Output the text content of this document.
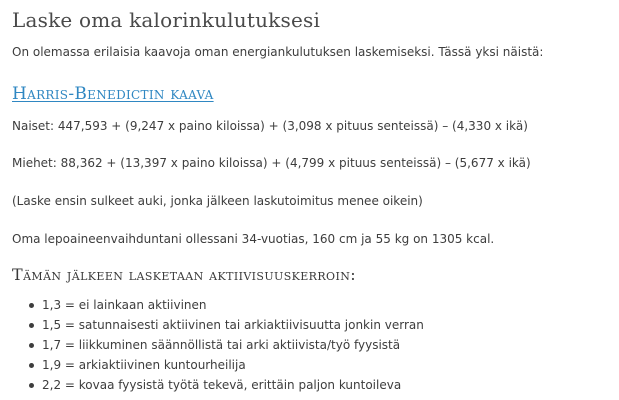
Laske oma kalorinkulutuksesi

On olemassa erilaisia kaavoja oman energiankulutuksen laskemiseksi. Tässä yksi näistä:

Harris-Benedictin kaava

Naiset: 447,593 + (9,247 x paino kiloissa) + (3,098 x pituus senteissä) – (4,330 x ikä)

Miehet: 88,362 + (13,397 x paino kiloissa) + (4,799 x pituus senteissä) – (5,677 x ikä)

(Laske ensin sulkeet auki, jonka jälkeen laskutoimitus menee oikein)

Oma lepoaineenvaihduntani ollessani 34-vuotias, 160 cm ja 55 kg on 1305 kcal.

Tämän jälkeen lasketaan aktiivisuuskerroin:
1,3 = ei lainkaan aktiivinen
1,5 = satunnaisesti aktiivinen tai arkiaktiivisuutta jonkin verran
1,7 = liikkuminen säännöllistä tai arki aktiivista/työ fyysistä
1,9 = arkiaktiivinen kuntourheilija
2,2 = kovaa fyysistä työtä tekevä, erittäin paljon kuntoileva
